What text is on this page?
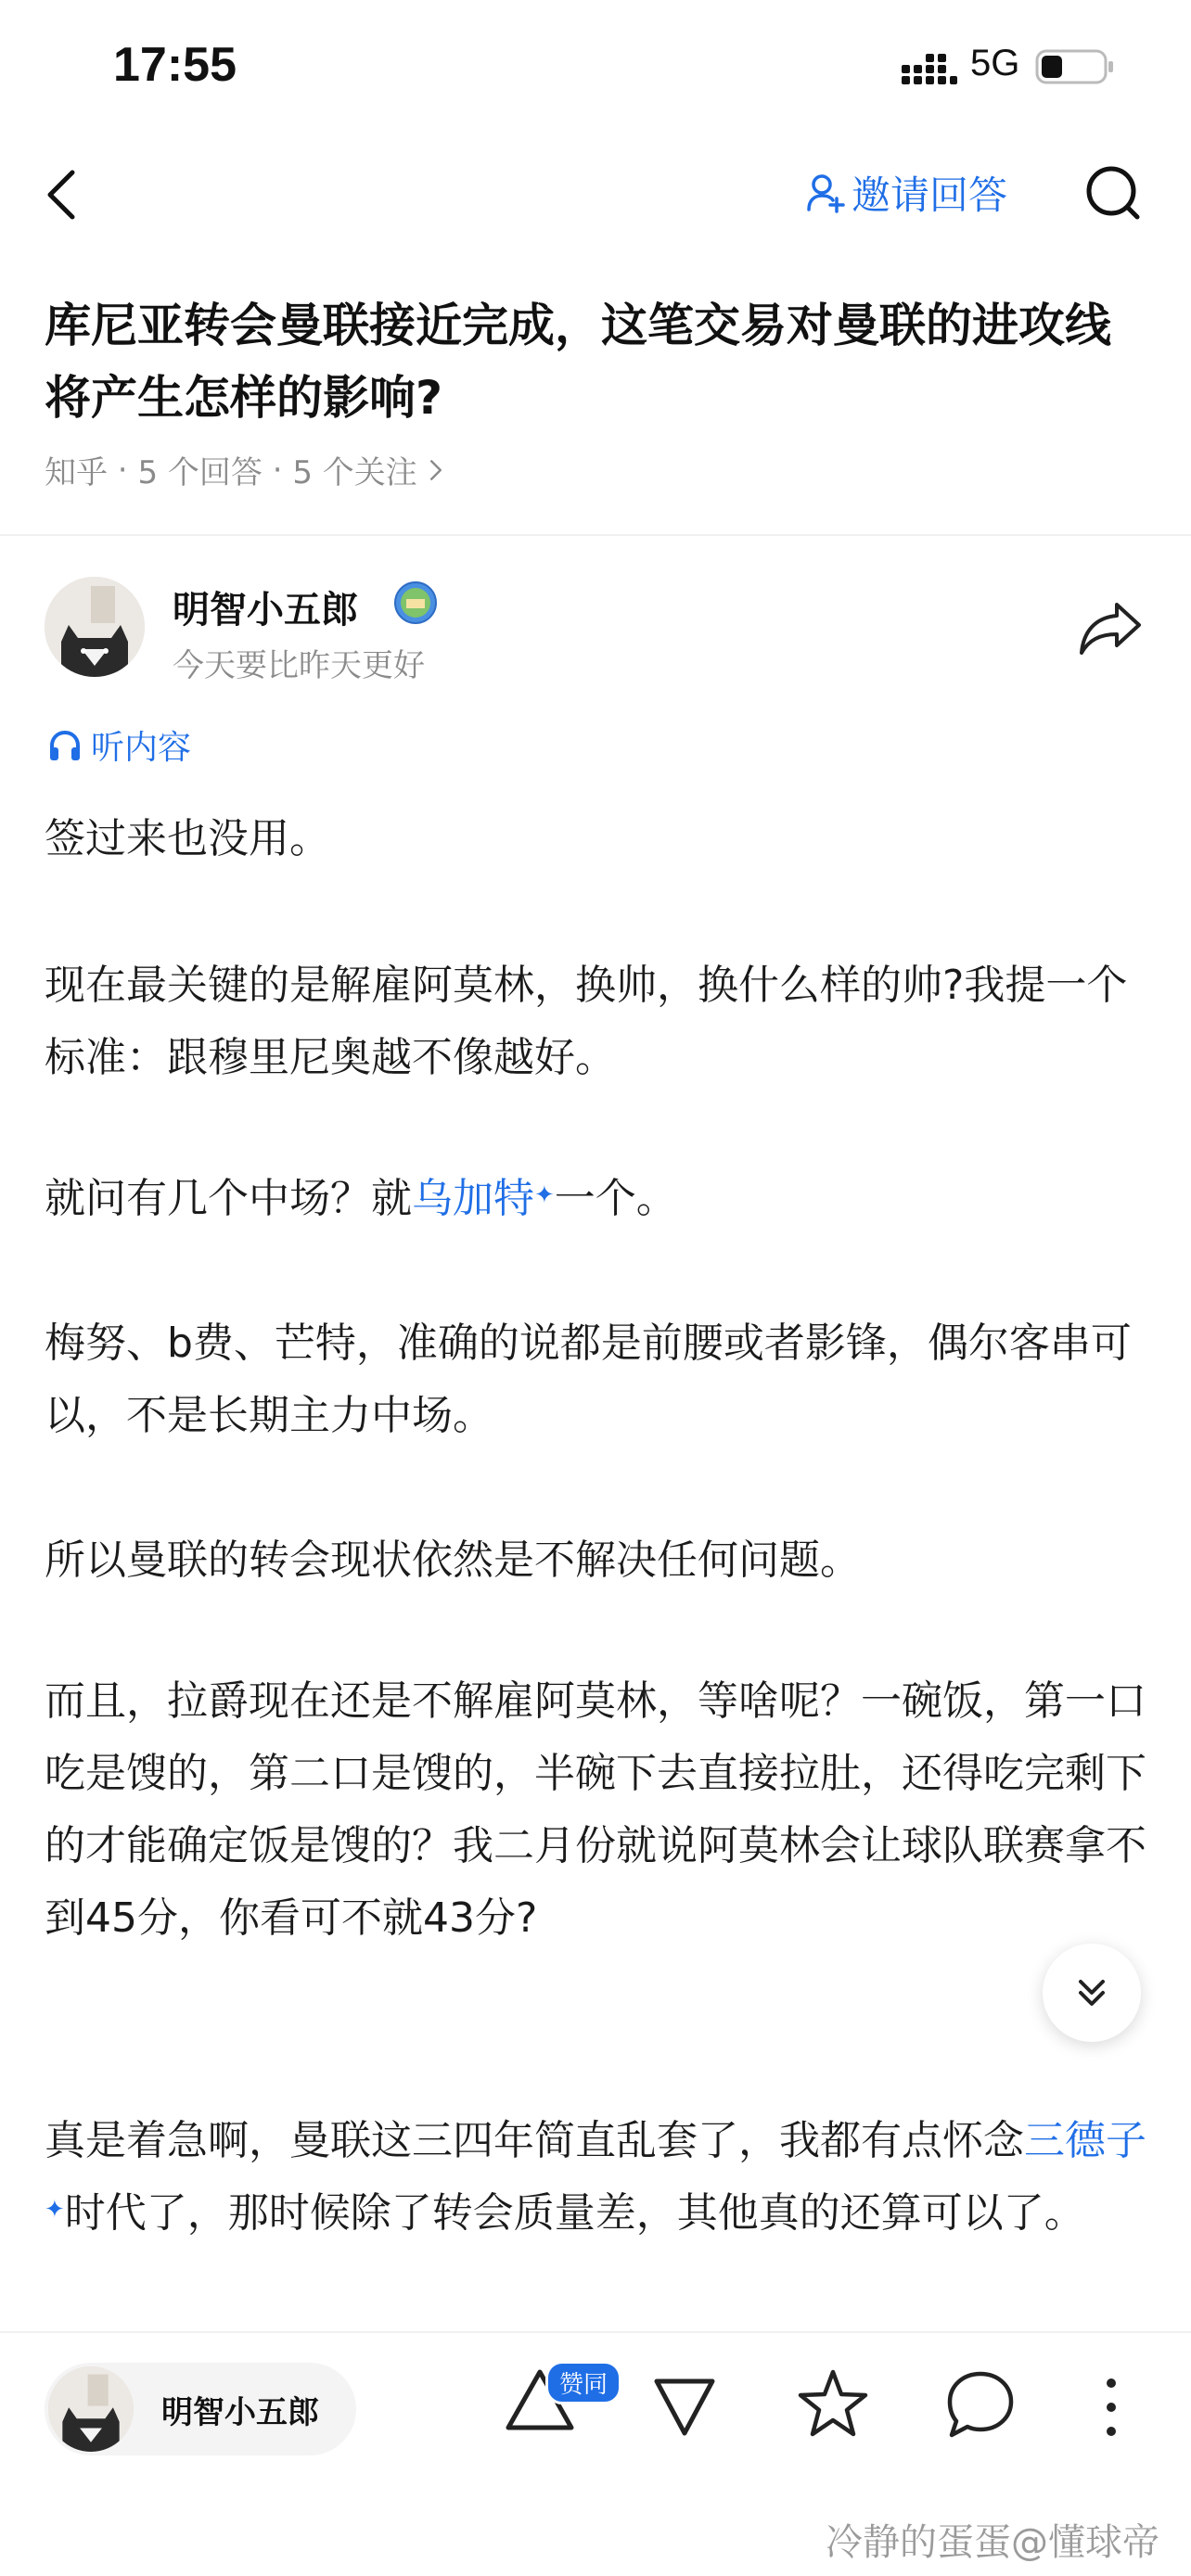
17:55	5G
邀请回答
库尼亚转会曼联接近完成，这笔交易对曼联的进攻线将产生怎样的影响?
知乎 · 5 个回答 · 5 个关注
明智小五郎
今天要比昨天更好
听内容
签过来也没用。
现在最关键的是解雇阿莫林，换帅，换什么样的帅?我提一个标准：跟穆里尼奥越不像越好。
就问有几个中场？就乌加特✦一个。
梅努、b费、芒特，准确的说都是前腰或者影锋，偶尔客串可以，不是长期主力中场。
所以曼联的转会现状依然是不解决任何问题。
而且，拉爵现在还是不解雇阿莫林，等啥呢？一碗饭，第一口吃是馊的，第二口是馊的，半碗下去直接拉肚，还得吃完剩下的才能确定饭是馊的？我二月份就说阿莫林会让球队联赛拿不到45分，你看可不就43分?
真是着急啊，曼联这三四年简直乱套了，我都有点怀念三德子✦时代了，那时候除了转会质量差，其他真的还算可以了。
明智小五郎
赞同
冷静的蛋蛋@懂球帝
